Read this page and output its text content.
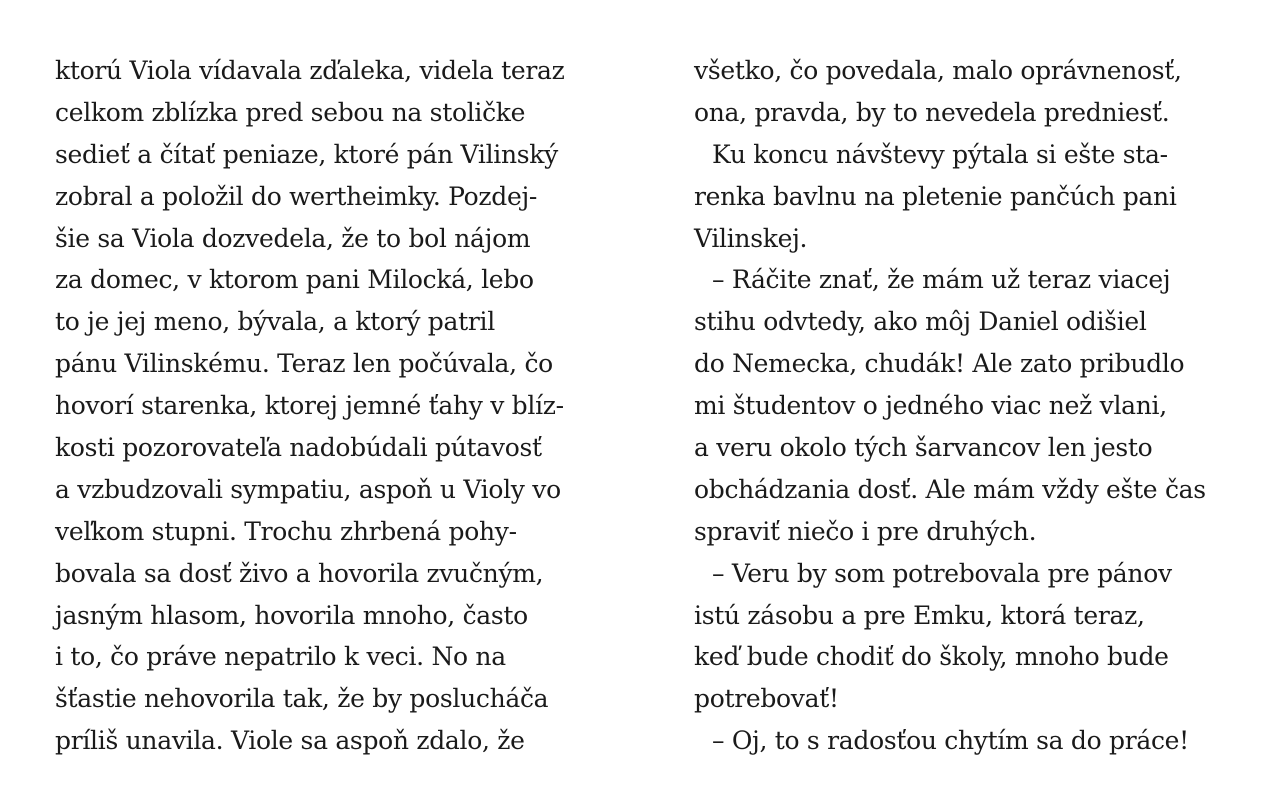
ktorú Viola vídavala zďaleka, videla teraz
celkom zblízka pred sebou na stoličke
sedieť a čítať peniaze, ktoré pán Vilinský
zobral a položil do wertheimky. Pozdej-
šie sa Viola dozvedela, že to bol nájom
za domec, v ktorom pani Milocká, lebo
to je jej meno, bývala, a ktorý patril
pánu Vilinskému. Teraz len počúvala, čo
hovorí starenka, ktorej jemné ťahy v blíz-
kosti pozorovateľa nadobúdali pútavosť
a vzbudzovali sympatiu, aspoň u Violy vo
veľkom stupni. Trochu zhrbená pohy-
bovala sa dosť živo a hovorila zvučným,
jasným hlasom, hovorila mnoho, často
i to, čo práve nepatrilo k veci. No na
šťastie nehovorila tak, že by poslucháča
príliš unavila. Viole sa aspoň zdalo, že
všetko, čo povedala, malo oprávnenosť,
ona, pravda, by to nevedela predniesť.
Ku koncu návštevy pýtala si ešte sta-
renka bavlnu na pletenie pančúch pani
Vilinskej.
– Ráčite znať, že mám už teraz viacej
stihu odvtedy, ako môj Daniel odišiel
do Nemecka, chudák! Ale zato pribudlo
mi študentov o jedného viac než vlani,
a veru okolo tých šarvancov len jesto
obchádzania dosť. Ale mám vždy ešte čas
spraviť niečo i pre druhých.
– Veru by som potrebovala pre pánov
istú zásobu a pre Emku, ktorá teraz,
keď bude chodiť do školy, mnoho bude
potrebovať!
– Oj, to s radosťou chytím sa do práce!
